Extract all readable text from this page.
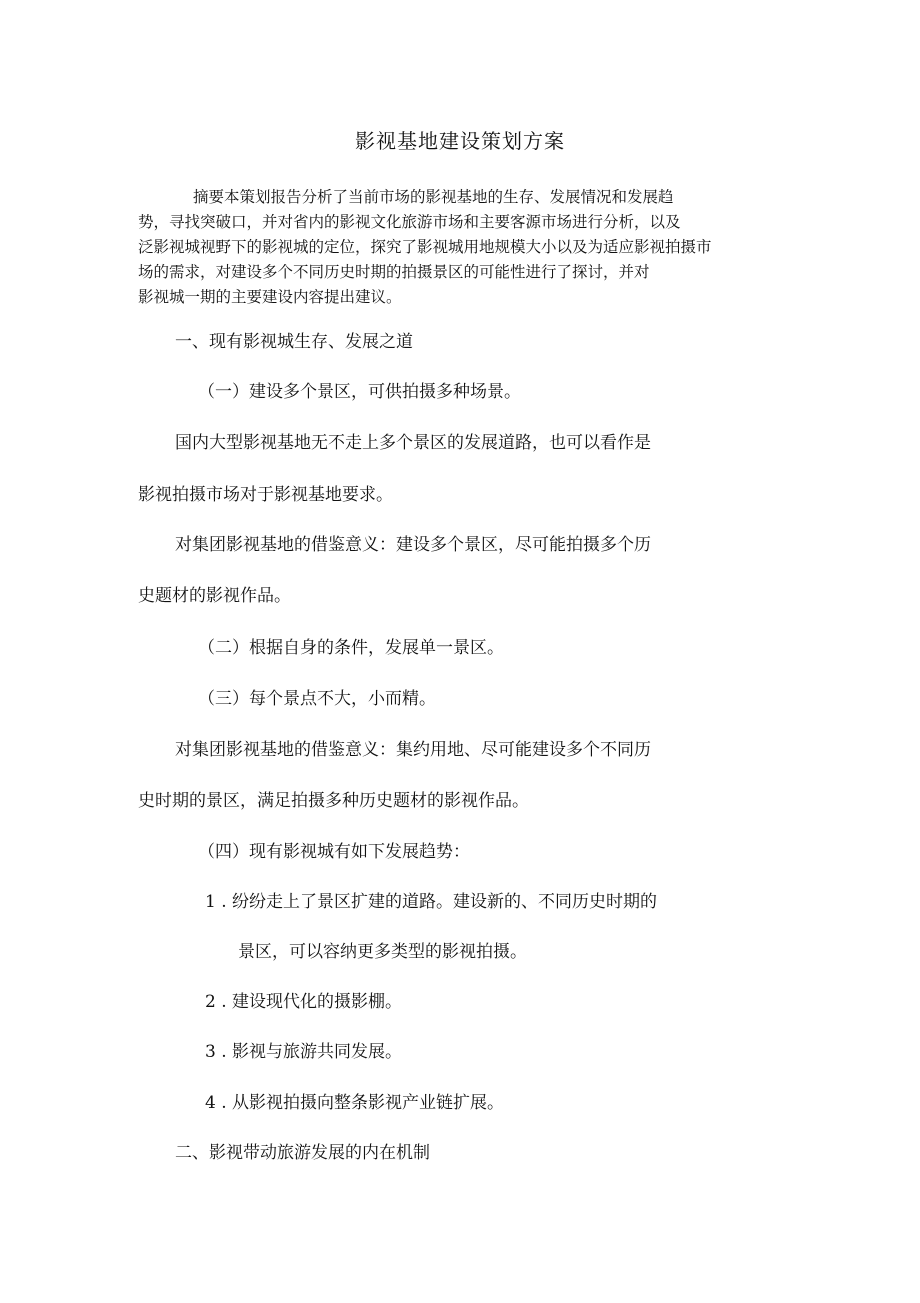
影视基地建设策划方案
摘要本策划报告分析了当前市场的影视基地的生存、发展情况和发展趋
势，寻找突破口，并对省内的影视文化旅游市场和主要客源市场进行分析，以及
泛影视城视野下的影视城的定位，探究了影视城用地规模大小以及为适应影视拍摄市
场的需求，对建设多个不同历史时期的拍摄景区的可能性进行了探讨，并对
影视城一期的主要建设内容提出建议。
一、现有影视城生存、发展之道
（一）建设多个景区，可供拍摄多种场景。
国内大型影视基地无不走上多个景区的发展道路，也可以看作是
影视拍摄市场对于影视基地要求。
对集团影视基地的借鉴意义：建设多个景区，尽可能拍摄多个历
史题材的影视作品。
（二）根据自身的条件，发展单一景区。
（三）每个景点不大，小而精。
对集团影视基地的借鉴意义：集约用地、尽可能建设多个不同历
史时期的景区，满足拍摄多种历史题材的影视作品。
（四）现有影视城有如下发展趋势：
1 . 纷纷走上了景区扩建的道路。建设新的、不同历史时期的
景区，可以容纳更多类型的影视拍摄。
2 . 建设现代化的摄影棚。
3 . 影视与旅游共同发展。
4 . 从影视拍摄向整条影视产业链扩展。
二、影视带动旅游发展的内在机制
